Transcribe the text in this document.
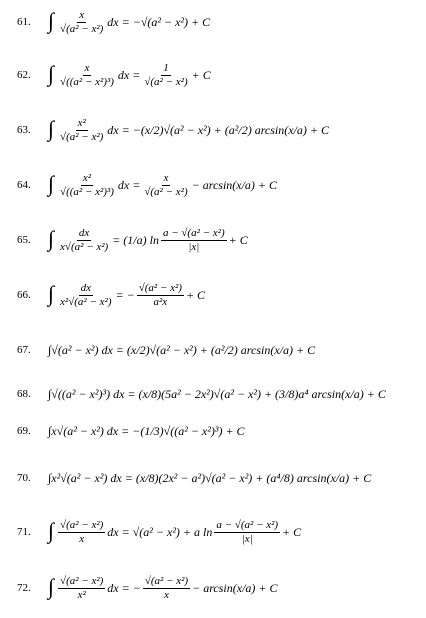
61. ∫ $\frac{x}{\text{√(a² − x²)}}$ dx = −√(a² − x²) + C
62. ∫ $\frac{x}{\text{√((a² − x²)³)}}$ dx = $\frac{1}{\text{√(a² − x²)}} + C$
63. ∫ $\frac{\text{x²}}{\text{√(a² − x²)}}$ dx = −(x/2)√(a² − x²) + (a²/2) arcsin(x/a) + C
64. ∫ $\frac{\text{x²}}{\text{√((a² − x²)³)}}$ dx = $\frac{x}{\text{√(a² − x²)}} - \arcsin(x/a) + C$
65. ∫ $\frac{dx}{\text{x√(a² − x²)}} = (1/a)$ $\ln \frac{\text{a − √(a² − x²)}}{|x|} + C$
66. ∫ $\frac{dx}{\text{x²√(a² − x²)}}$ = − $\frac{\text{√(a² − x²)}}{\text{a²x}} + C$
67.	∫√(a² − x²) dx = (x/2)√(a² − x²) + (a²/2) arcsin(x/a) + C
68.	∫√((a² − x²)³) dx = (x/8)(5a² − 2x²)√(a² − x²) + (3/8)a⁴ arcsin(x/a) + C
69.	∫x√(a² − x²) dx = −(1/3)√((a² − x²)³) + C
70.	∫x²√(a² − x²) dx = (x/8)(2x² − a²)√(a² − x²) + (a⁴/8) arcsin(x/a) + C
71. ∫ $\frac{\text{√(a² − x²)}}{x}$ dx = √(a² − x²) + a $\ln \frac{\text{a − √(a² − x²)}}{|x|} + C$
72. ∫ $\frac{\text{√(a² − x²)}}{\text{x²}}$ dx = − $\frac{\text{√(a² − x²)}}{x} - \arcsin(x/a) + C$
